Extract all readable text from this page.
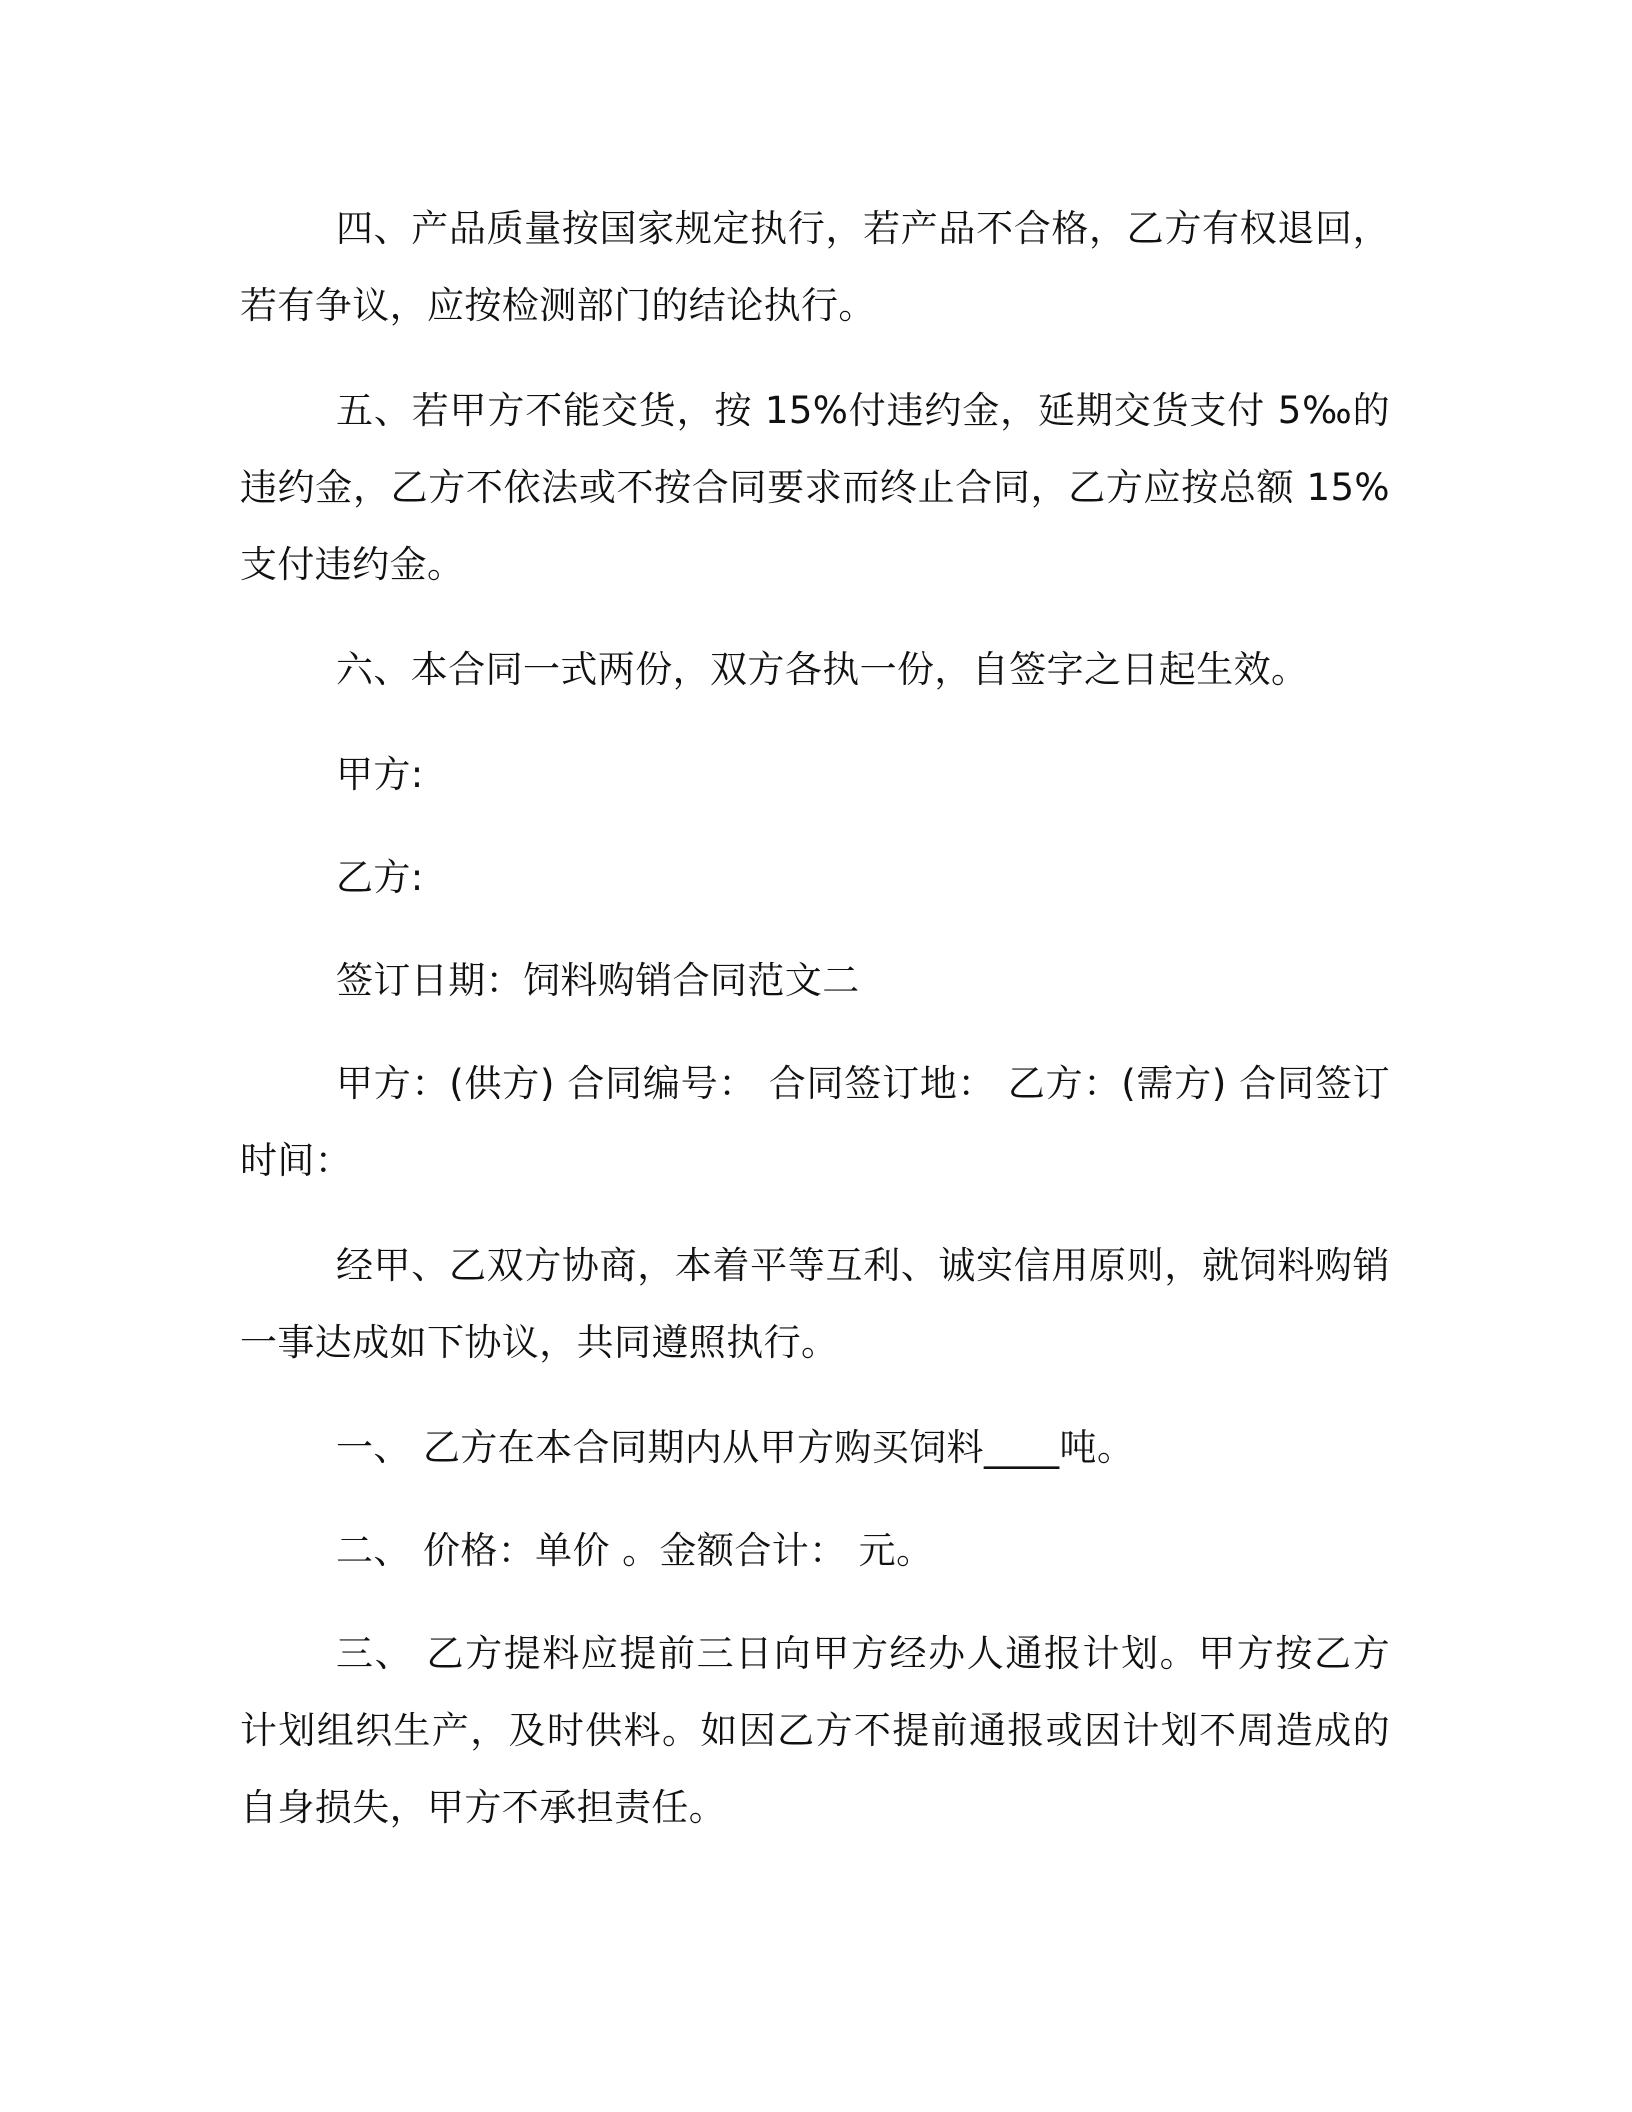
四、产品质量按国家规定执行，若产品不合格，乙方有权退回，若有争议，应按检测部门的结论执行。

五、若甲方不能交货，按 15%付违约金，延期交货支付 5‰的违约金，乙方不依法或不按合同要求而终止合同，乙方应按总额 15%支付违约金。

六、本合同一式两份，双方各执一份，自签字之日起生效。

甲方:

乙方:

签订日期：饲料购销合同范文二

甲方：(供方) 合同编号： 合同签订地： 乙方：(需方) 合同签订时间：

经甲、乙双方协商，本着平等互利、诚实信用原则，就饲料购销一事达成如下协议，共同遵照执行。

一、 乙方在本合同期内从甲方购买饲料____吨。

二、 价格：单价 。金额合计： 元。

三、 乙方提料应提前三日向甲方经办人通报计划。甲方按乙方计划组织生产，及时供料。如因乙方不提前通报或因计划不周造成的自身损失，甲方不承担责任。
